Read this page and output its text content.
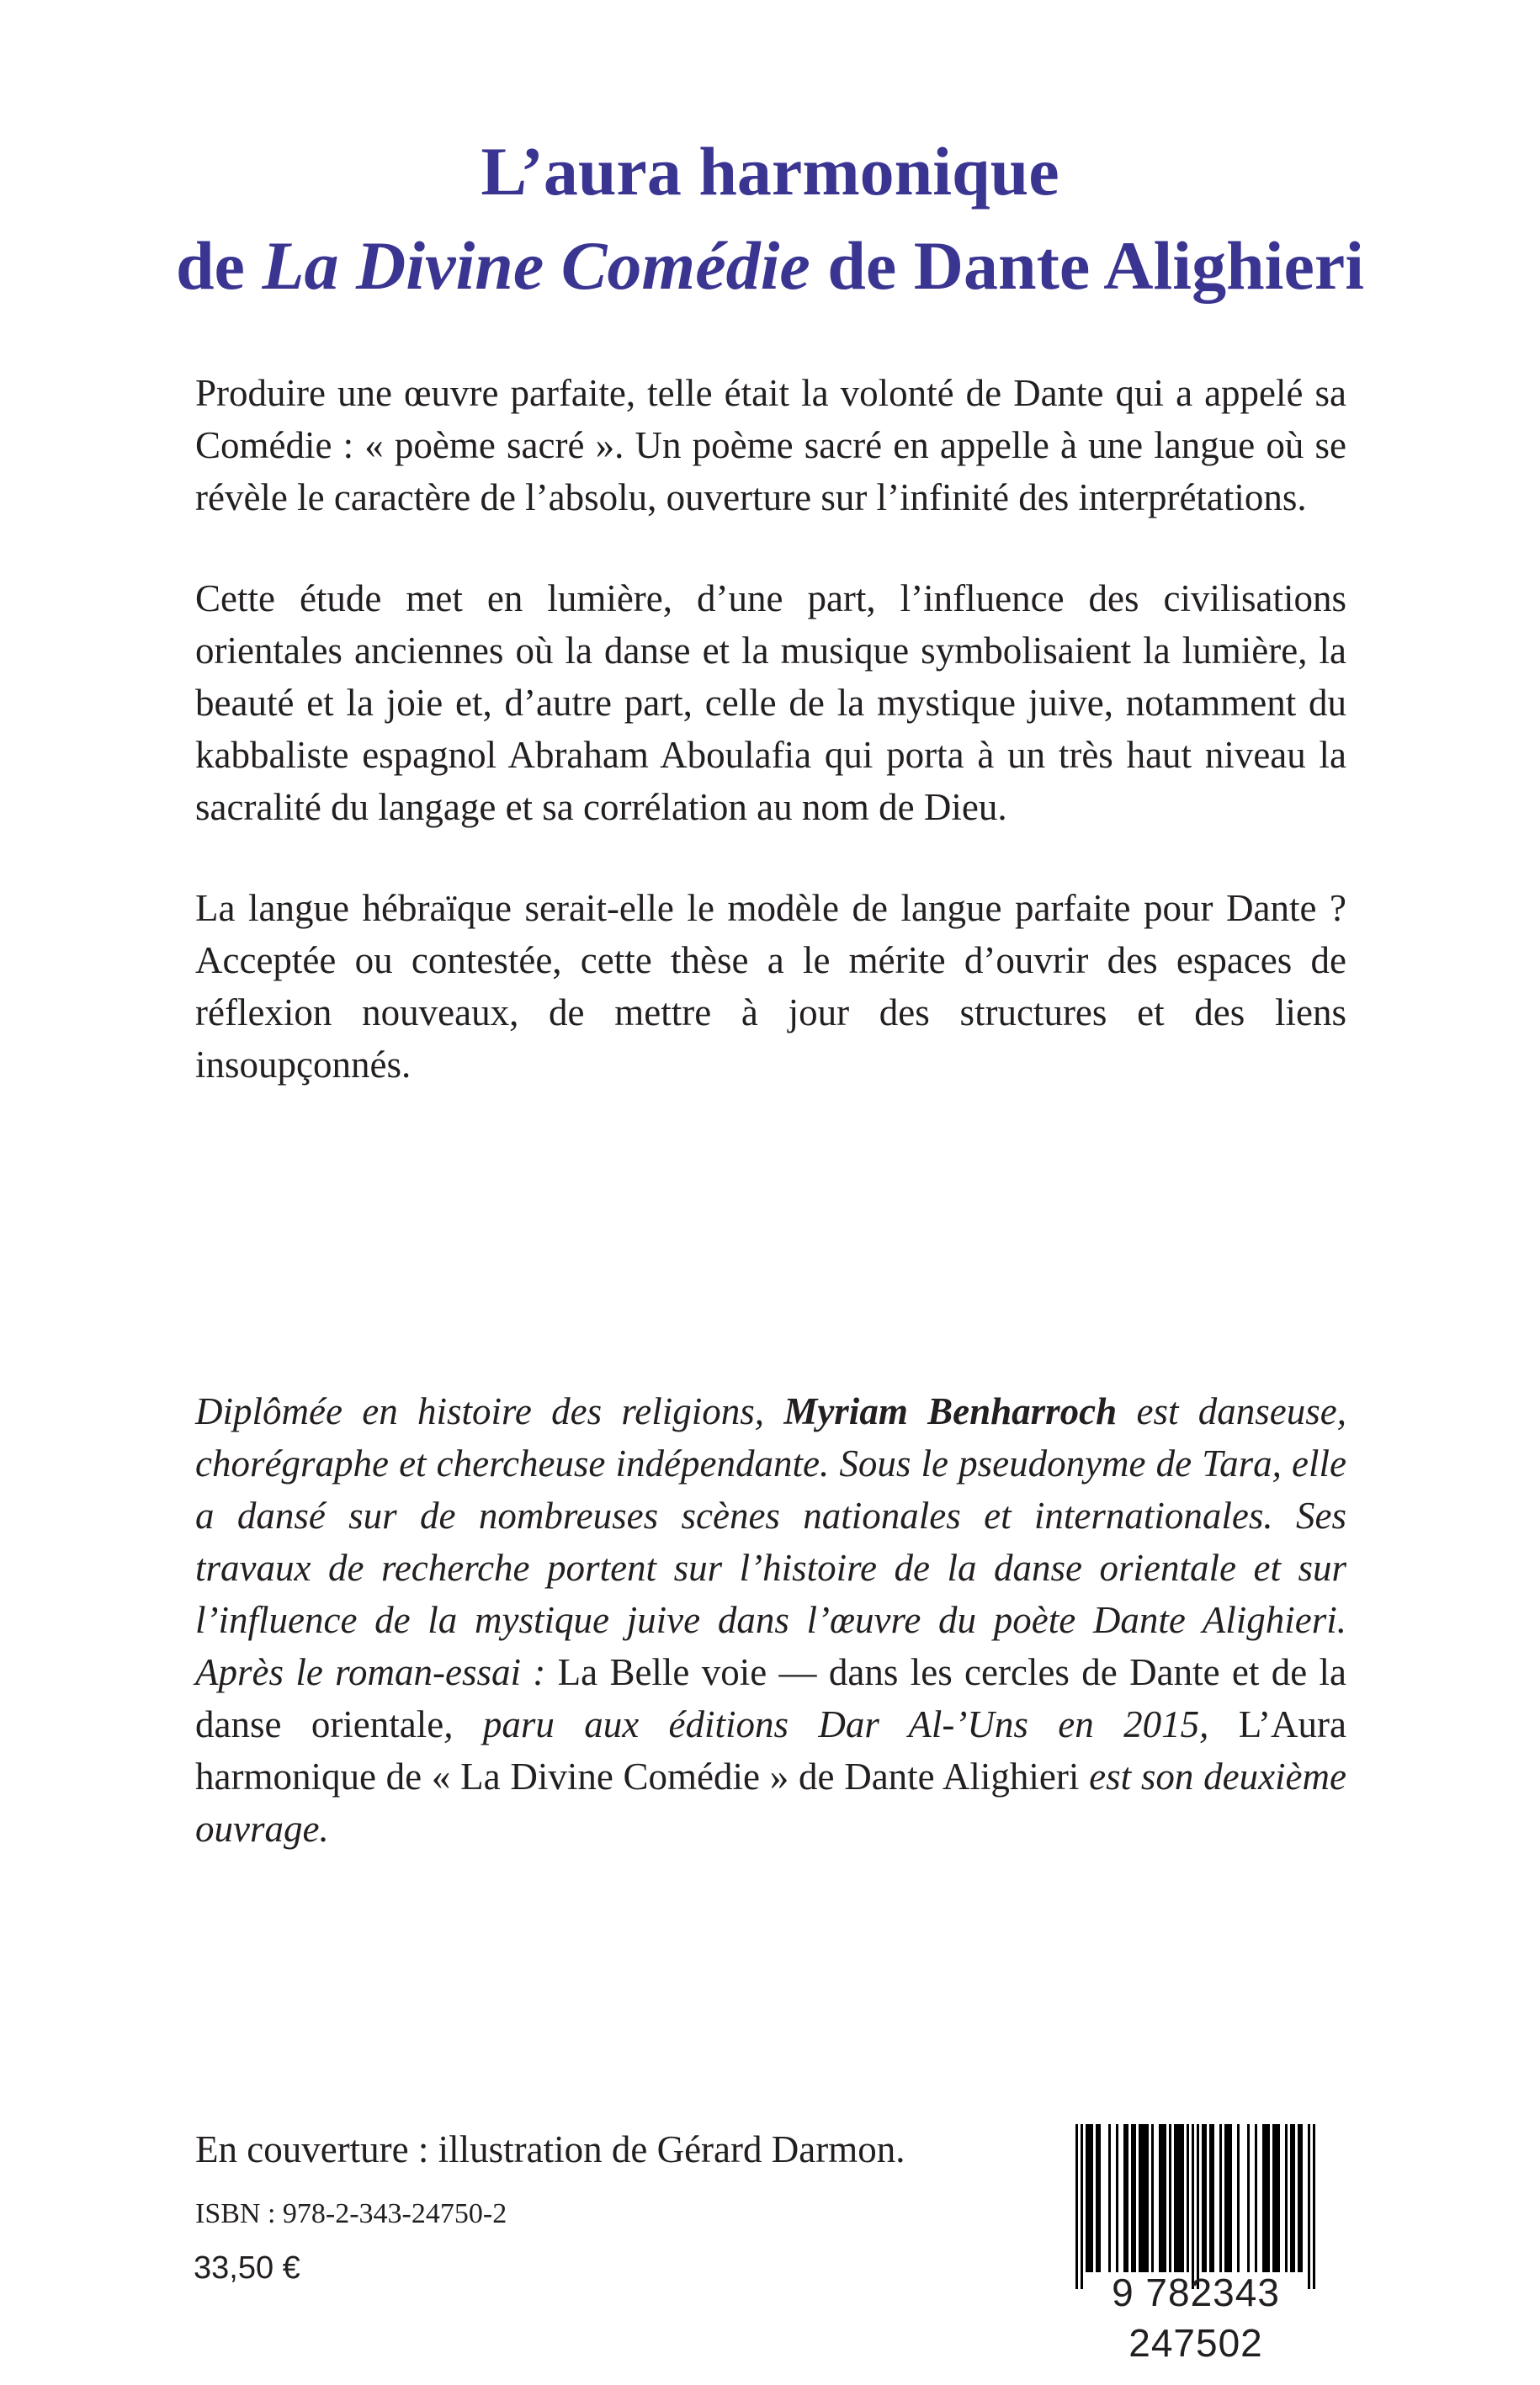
L’aura harmonique
de La Divine Comédie de Dante Alighieri

Produire une œuvre parfaite, telle était la volonté de Dante qui a appelé sa Comédie : « poème sacré ». Un poème sacré en appelle à une langue où se révèle le caractère de l’absolu, ouverture sur l’infinité des interprétations.

Cette étude met en lumière, d’une part, l’influence des civilisations orientales anciennes où la danse et la musique symbolisaient la lumière, la beauté et la joie et, d’autre part, celle de la mystique juive, notamment du kabbaliste espagnol Abraham Aboulafia qui porta à un très haut niveau la sacralité du langage et sa corrélation au nom de Dieu.

La langue hébraïque serait-elle le modèle de langue parfaite pour Dante ? Acceptée ou contestée, cette thèse a le mérite d’ouvrir des espaces de réflexion nouveaux, de mettre à jour des structures et des liens insoupçonnés.

Diplômée en histoire des religions, Myriam Benharroch est danseuse, chorégraphe et chercheuse indépendante. Sous le pseudonyme de Tara, elle a dansé sur de nombreuses scènes nationales et internationales. Ses travaux de recherche portent sur l’histoire de la danse orientale et sur l’influence de la mystique juive dans l’œuvre du poète Dante Alighieri. Après le roman-essai : La Belle voie — dans les cercles de Dante et de la danse orientale, paru aux éditions Dar Al-’Uns en 2015, L’Aura harmonique de « La Divine Comédie » de Dante Alighieri est son deuxième ouvrage.

En couverture : illustration de Gérard Darmon.
ISBN : 978-2-343-24750-2
33,50 €
9 782343 247502
